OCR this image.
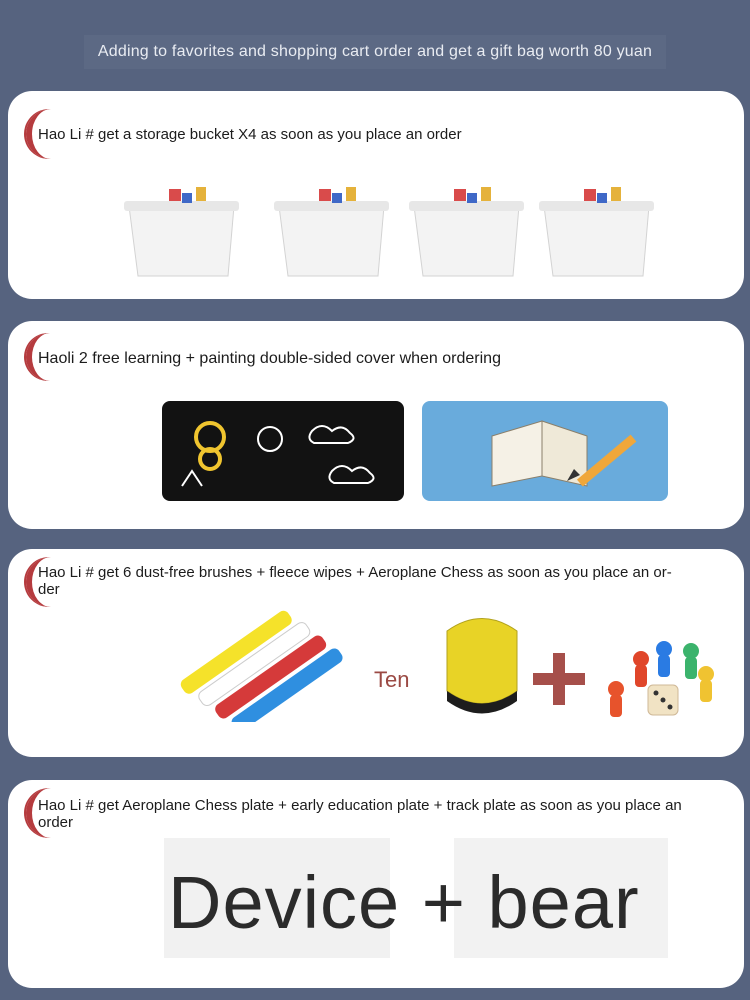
Adding to favorites and shopping cart order and get a gift bag worth 80 yuan
Hao Li # get a storage bucket X4 as soon as you place an order
Haoli 2 free learning + painting double-sided cover when ordering
Hao Li # get 6 dust-free brushes + fleece wipes + Aeroplane Chess as soon as you place an or-
der
Ten
Hao Li # get Aeroplane Chess plate + early education plate + track plate as soon as you place an
order
Device + bear
